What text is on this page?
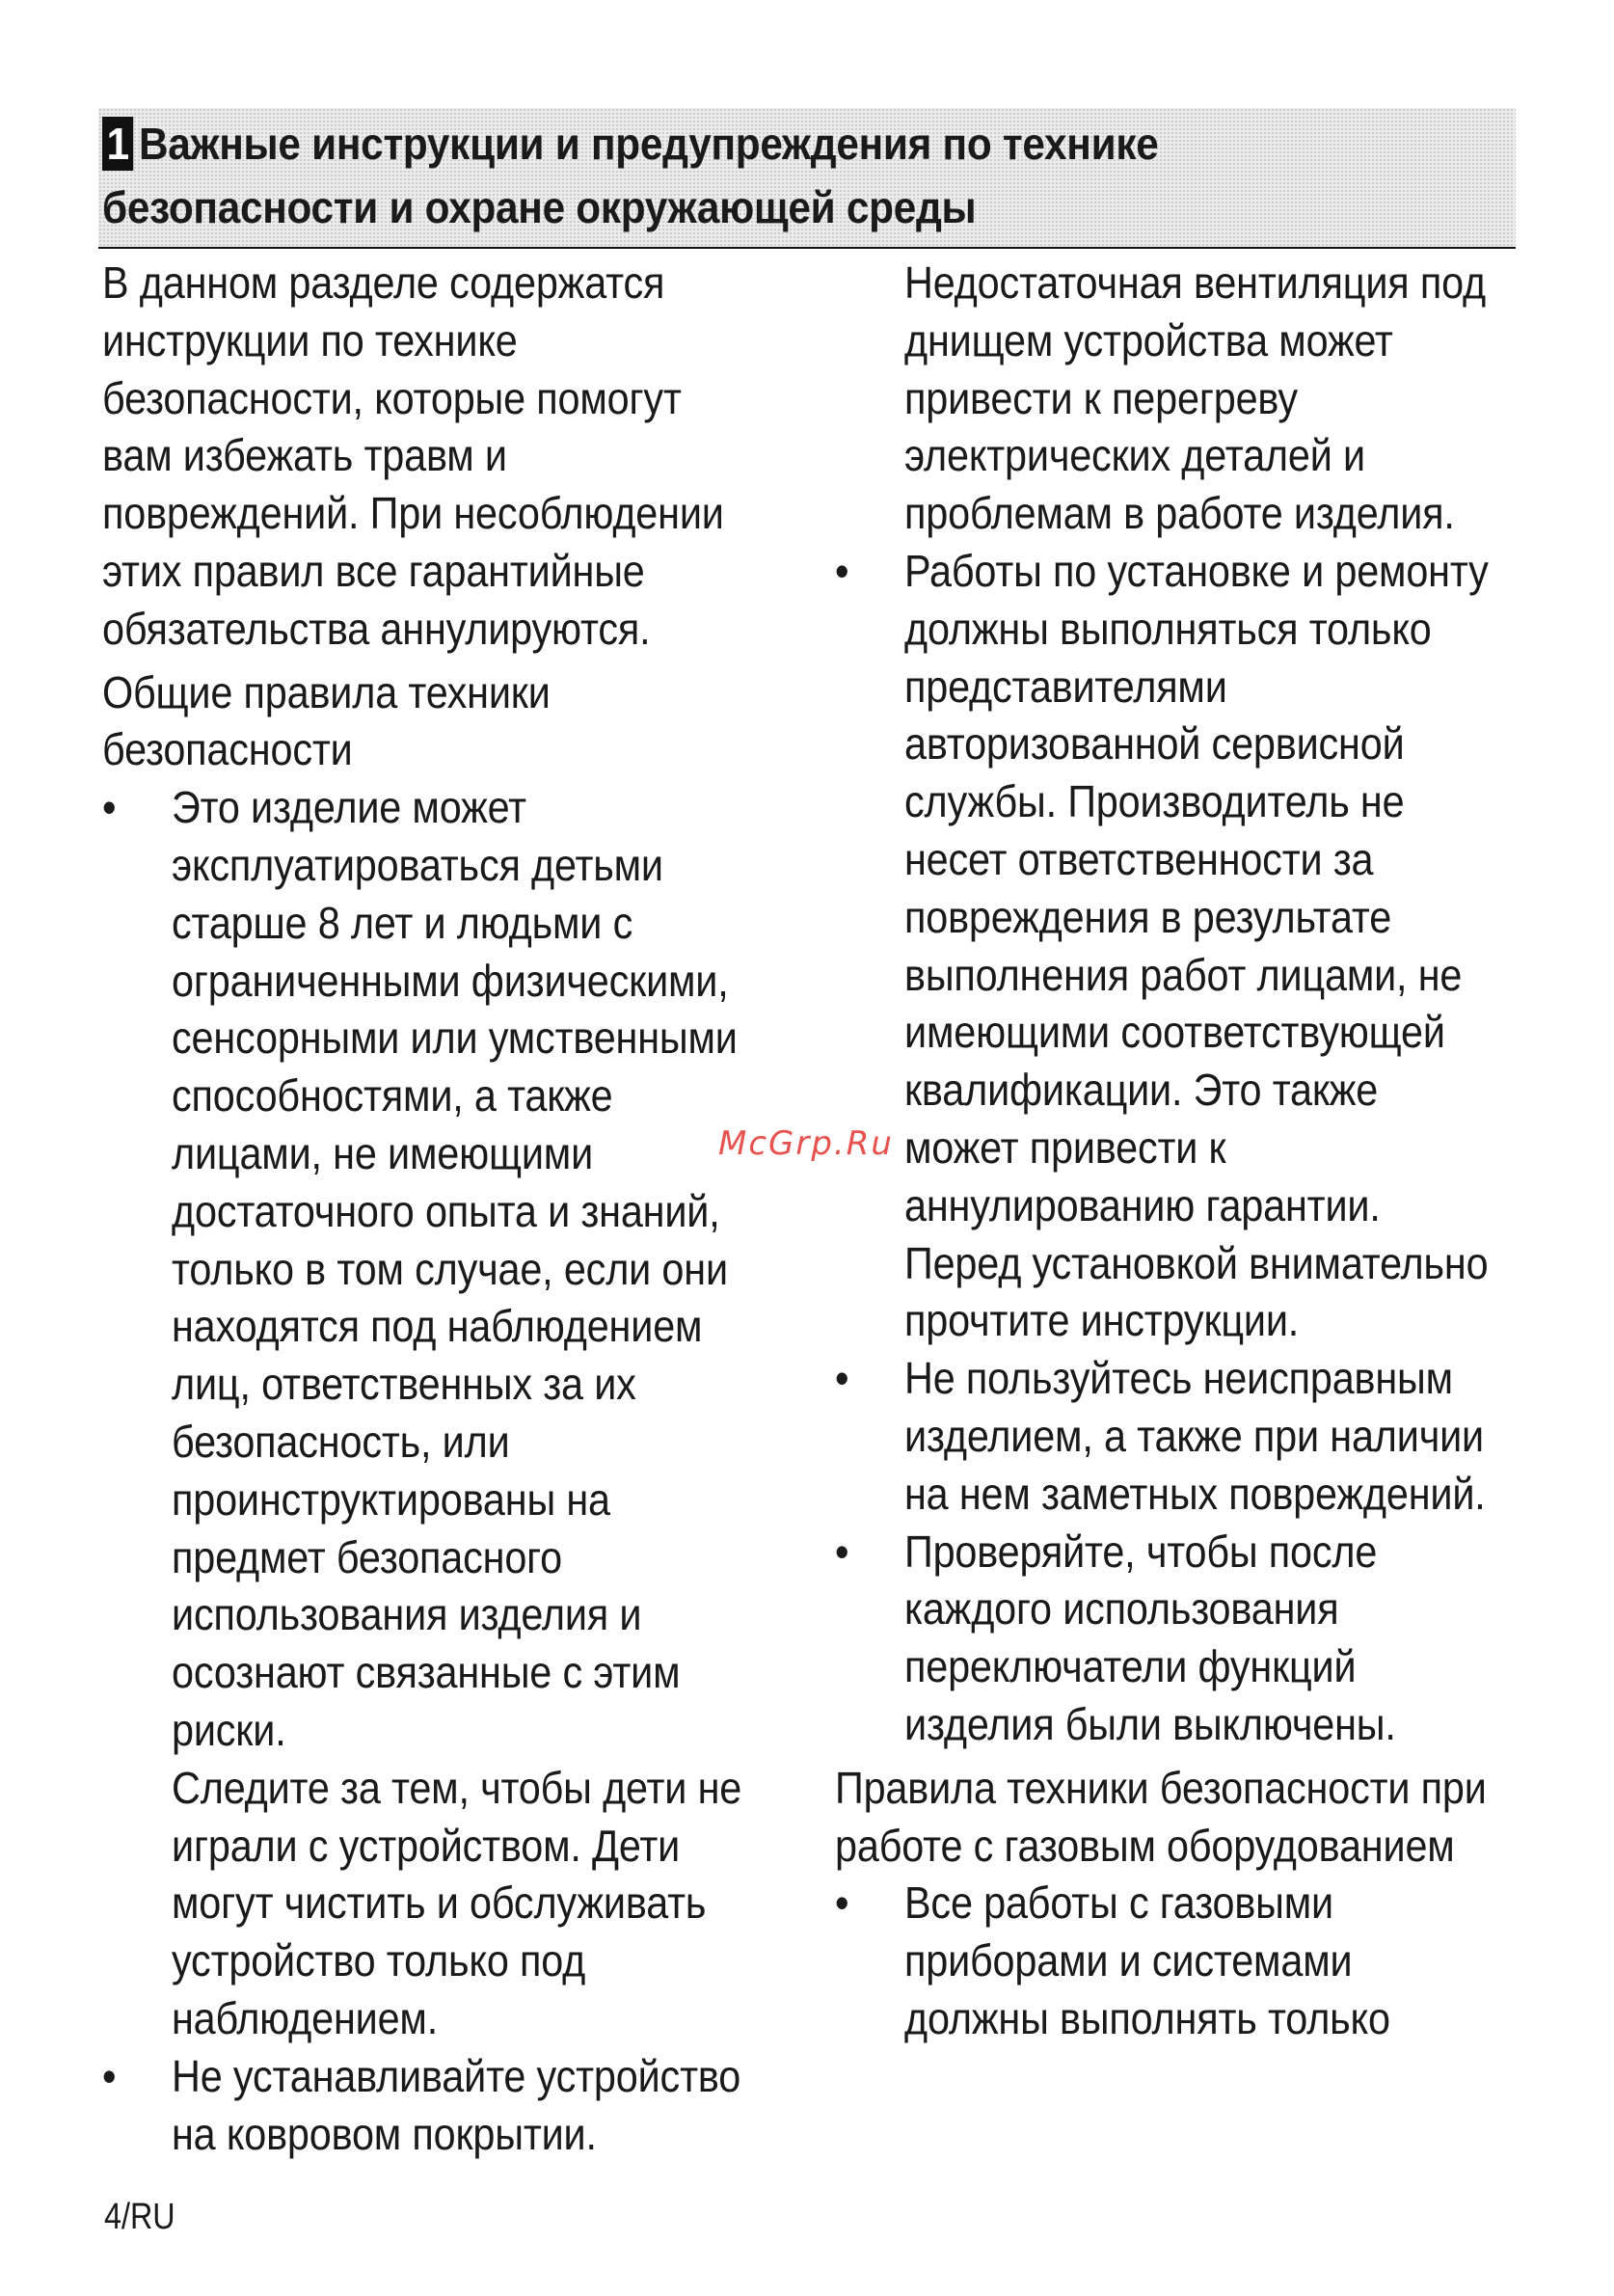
1 Важные инструкции и предупреждения по технике
безопасности и охране окружающей среды

В данном разделе содержатся инструкции по технике безопасности, которые помогут вам избежать травм и повреждений. При несоблюдении этих правил все гарантийные обязательства аннулируются.

Общие правила техники безопасности

• Это изделие может эксплуатироваться детьми старше 8 лет и людьми с ограниченными физическими, сенсорными или умственными способностями, а также лицами, не имеющими достаточного опыта и знаний, только в том случае, если они находятся под наблюдением лиц, ответственных за их безопасность, или проинструктированы на предмет безопасного использования изделия и осознают связанные с этим риски.

Следите за тем, чтобы дети не играли с устройством. Дети могут чистить и обслуживать устройство только под наблюдением.

• Не устанавливайте устройство на ковровом покрытии.

Недостаточная вентиляция под днищем устройства может привести к перегреву электрических деталей и проблемам в работе изделия.

• Работы по установке и ремонту должны выполняться только представителями авторизованной сервисной службы. Производитель не несет ответственности за повреждения в результате выполнения работ лицами, не имеющими соответствующей квалификации. Это также может привести к аннулированию гарантии.

Перед установкой внимательно прочтите инструкции.

• Не пользуйтесь неисправным изделием, а также при наличии на нем заметных повреждений.

• Проверяйте, чтобы после каждого использования переключатели функций изделия были выключены.

Правила техники безопасности при работе с газовым оборудованием

• Все работы с газовыми приборами и системами должны выполнять только

McGrp.Ru
4/RU
